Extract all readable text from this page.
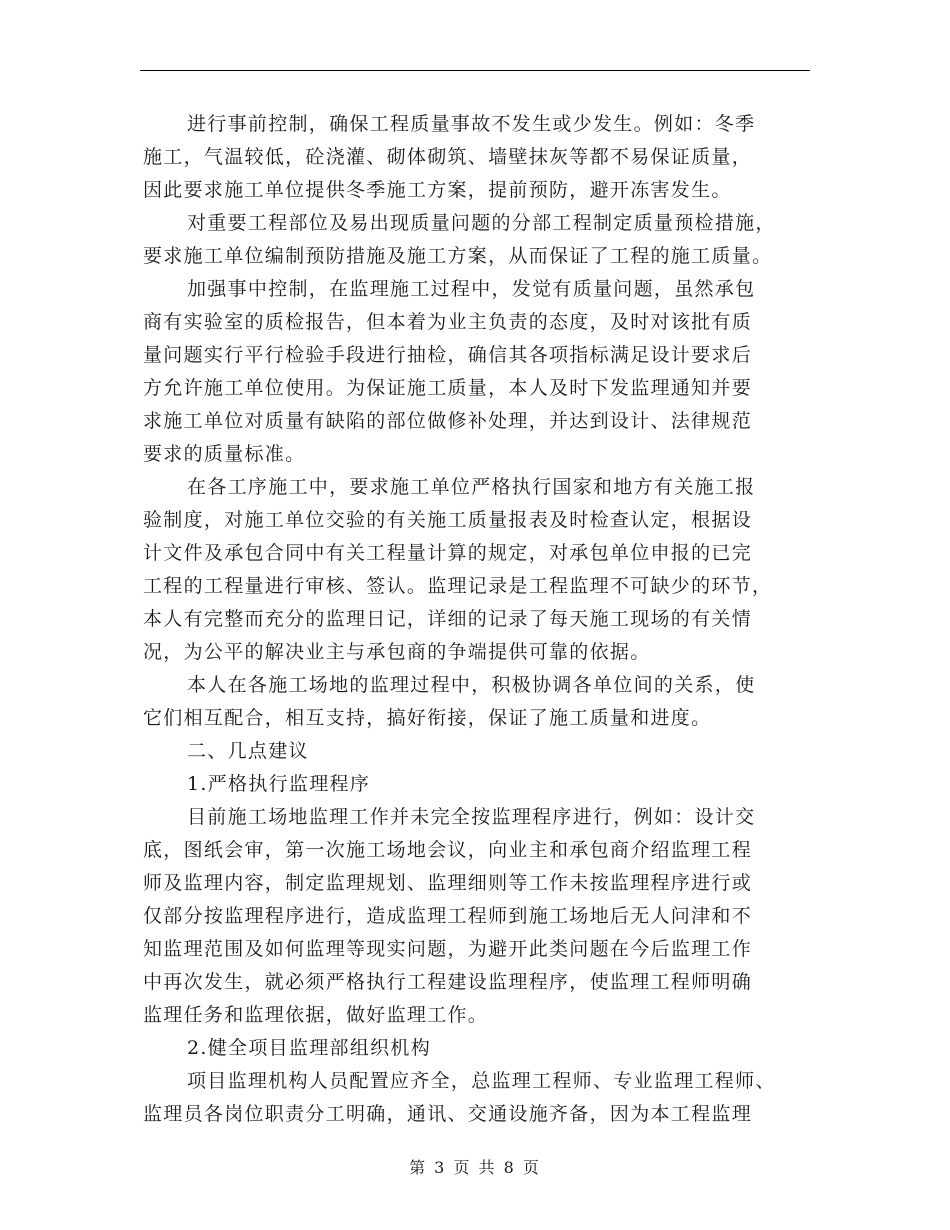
进行事前控制，确保工程质量事故不发生或少发生。例如：冬季
施工，气温较低，砼浇灌、砌体砌筑、墙壁抹灰等都不易保证质量，
因此要求施工单位提供冬季施工方案，提前预防，避开冻害发生。
对重要工程部位及易出现质量问题的分部工程制定质量预检措施，
要求施工单位编制预防措施及施工方案，从而保证了工程的施工质量。
加强事中控制，在监理施工过程中，发觉有质量问题，虽然承包
商有实验室的质检报告，但本着为业主负责的态度，及时对该批有质
量问题实行平行检验手段进行抽检，确信其各项指标满足设计要求后
方允许施工单位使用。为保证施工质量，本人及时下发监理通知并要
求施工单位对质量有缺陷的部位做修补处理，并达到设计、法律规范
要求的质量标准。
在各工序施工中，要求施工单位严格执行国家和地方有关施工报
验制度，对施工单位交验的有关施工质量报表及时检查认定，根据设
计文件及承包合同中有关工程量计算的规定，对承包单位申报的已完
工程的工程量进行审核、签认。监理记录是工程监理不可缺少的环节，
本人有完整而充分的监理日记，详细的记录了每天施工现场的有关情
况，为公平的解决业主与承包商的争端提供可靠的依据。
本人在各施工场地的监理过程中，积极协调各单位间的关系，使
它们相互配合，相互支持，搞好衔接，保证了施工质量和进度。
二、几点建议
1.严格执行监理程序
目前施工场地监理工作并未完全按监理程序进行，例如：设计交
底，图纸会审，第一次施工场地会议，向业主和承包商介绍监理工程
师及监理内容，制定监理规划、监理细则等工作未按监理程序进行或
仅部分按监理程序进行，造成监理工程师到施工场地后无人问津和不
知监理范围及如何监理等现实问题，为避开此类问题在今后监理工作
中再次发生，就必须严格执行工程建设监理程序，使监理工程师明确
监理任务和监理依据，做好监理工作。
2.健全项目监理部组织机构
项目监理机构人员配置应齐全，总监理工程师、专业监理工程师、
监理员各岗位职责分工明确，通讯、交通设施齐备，因为本工程监理
第 3 页 共 8 页
